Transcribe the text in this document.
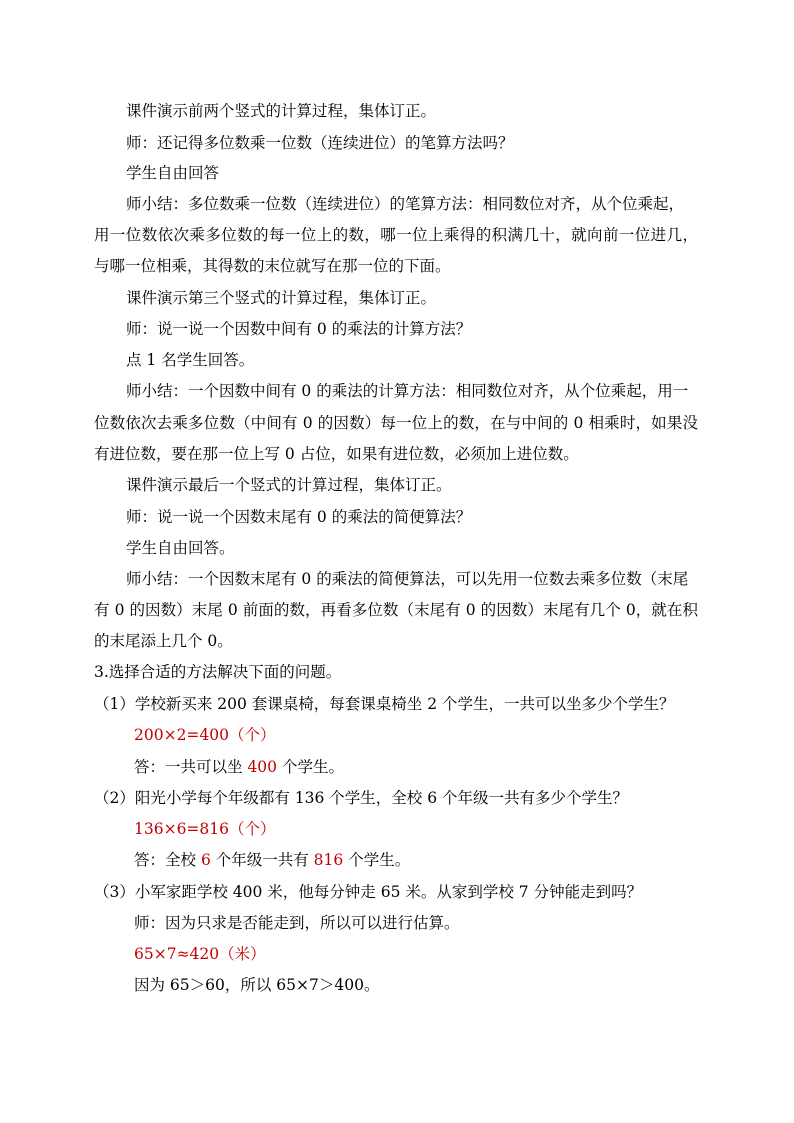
课件演示前两个竖式的计算过程，集体订正。
师：还记得多位数乘一位数（连续进位）的笔算方法吗？
学生自由回答
师小结：多位数乘一位数（连续进位）的笔算方法：相同数位对齐，从个位乘起，
用一位数依次乘多位数的每一位上的数，哪一位上乘得的积满几十，就向前一位进几，
与哪一位相乘，其得数的末位就写在那一位的下面。
课件演示第三个竖式的计算过程，集体订正。
师：说一说一个因数中间有 0 的乘法的计算方法？
点 1 名学生回答。
师小结：一个因数中间有 0 的乘法的计算方法：相同数位对齐，从个位乘起，用一
位数依次去乘多位数（中间有 0 的因数）每一位上的数，在与中间的 0 相乘时，如果没
有进位数，要在那一位上写 0 占位，如果有进位数，必须加上进位数。
课件演示最后一个竖式的计算过程，集体订正。
师：说一说一个因数末尾有 0 的乘法的简便算法？
学生自由回答。
师小结：一个因数末尾有 0 的乘法的简便算法，可以先用一位数去乘多位数（末尾
有 0 的因数）末尾 0 前面的数，再看多位数（末尾有 0 的因数）末尾有几个 0，就在积
的末尾添上几个 0。
3.选择合适的方法解决下面的问题。
（1）学校新买来 200 套课桌椅，每套课桌椅坐 2 个学生，一共可以坐多少个学生？
200×2=400（个）
答：一共可以坐 400 个学生。
（2）阳光小学每个年级都有 136 个学生，全校 6 个年级一共有多少个学生？
136×6=816（个）
答：全校 6 个年级一共有 816 个学生。
（3）小军家距学校 400 米，他每分钟走 65 米。从家到学校 7 分钟能走到吗？
师：因为只求是否能走到，所以可以进行估算。
65×7≈420（米）
因为 65＞60，所以 65×7＞400。
